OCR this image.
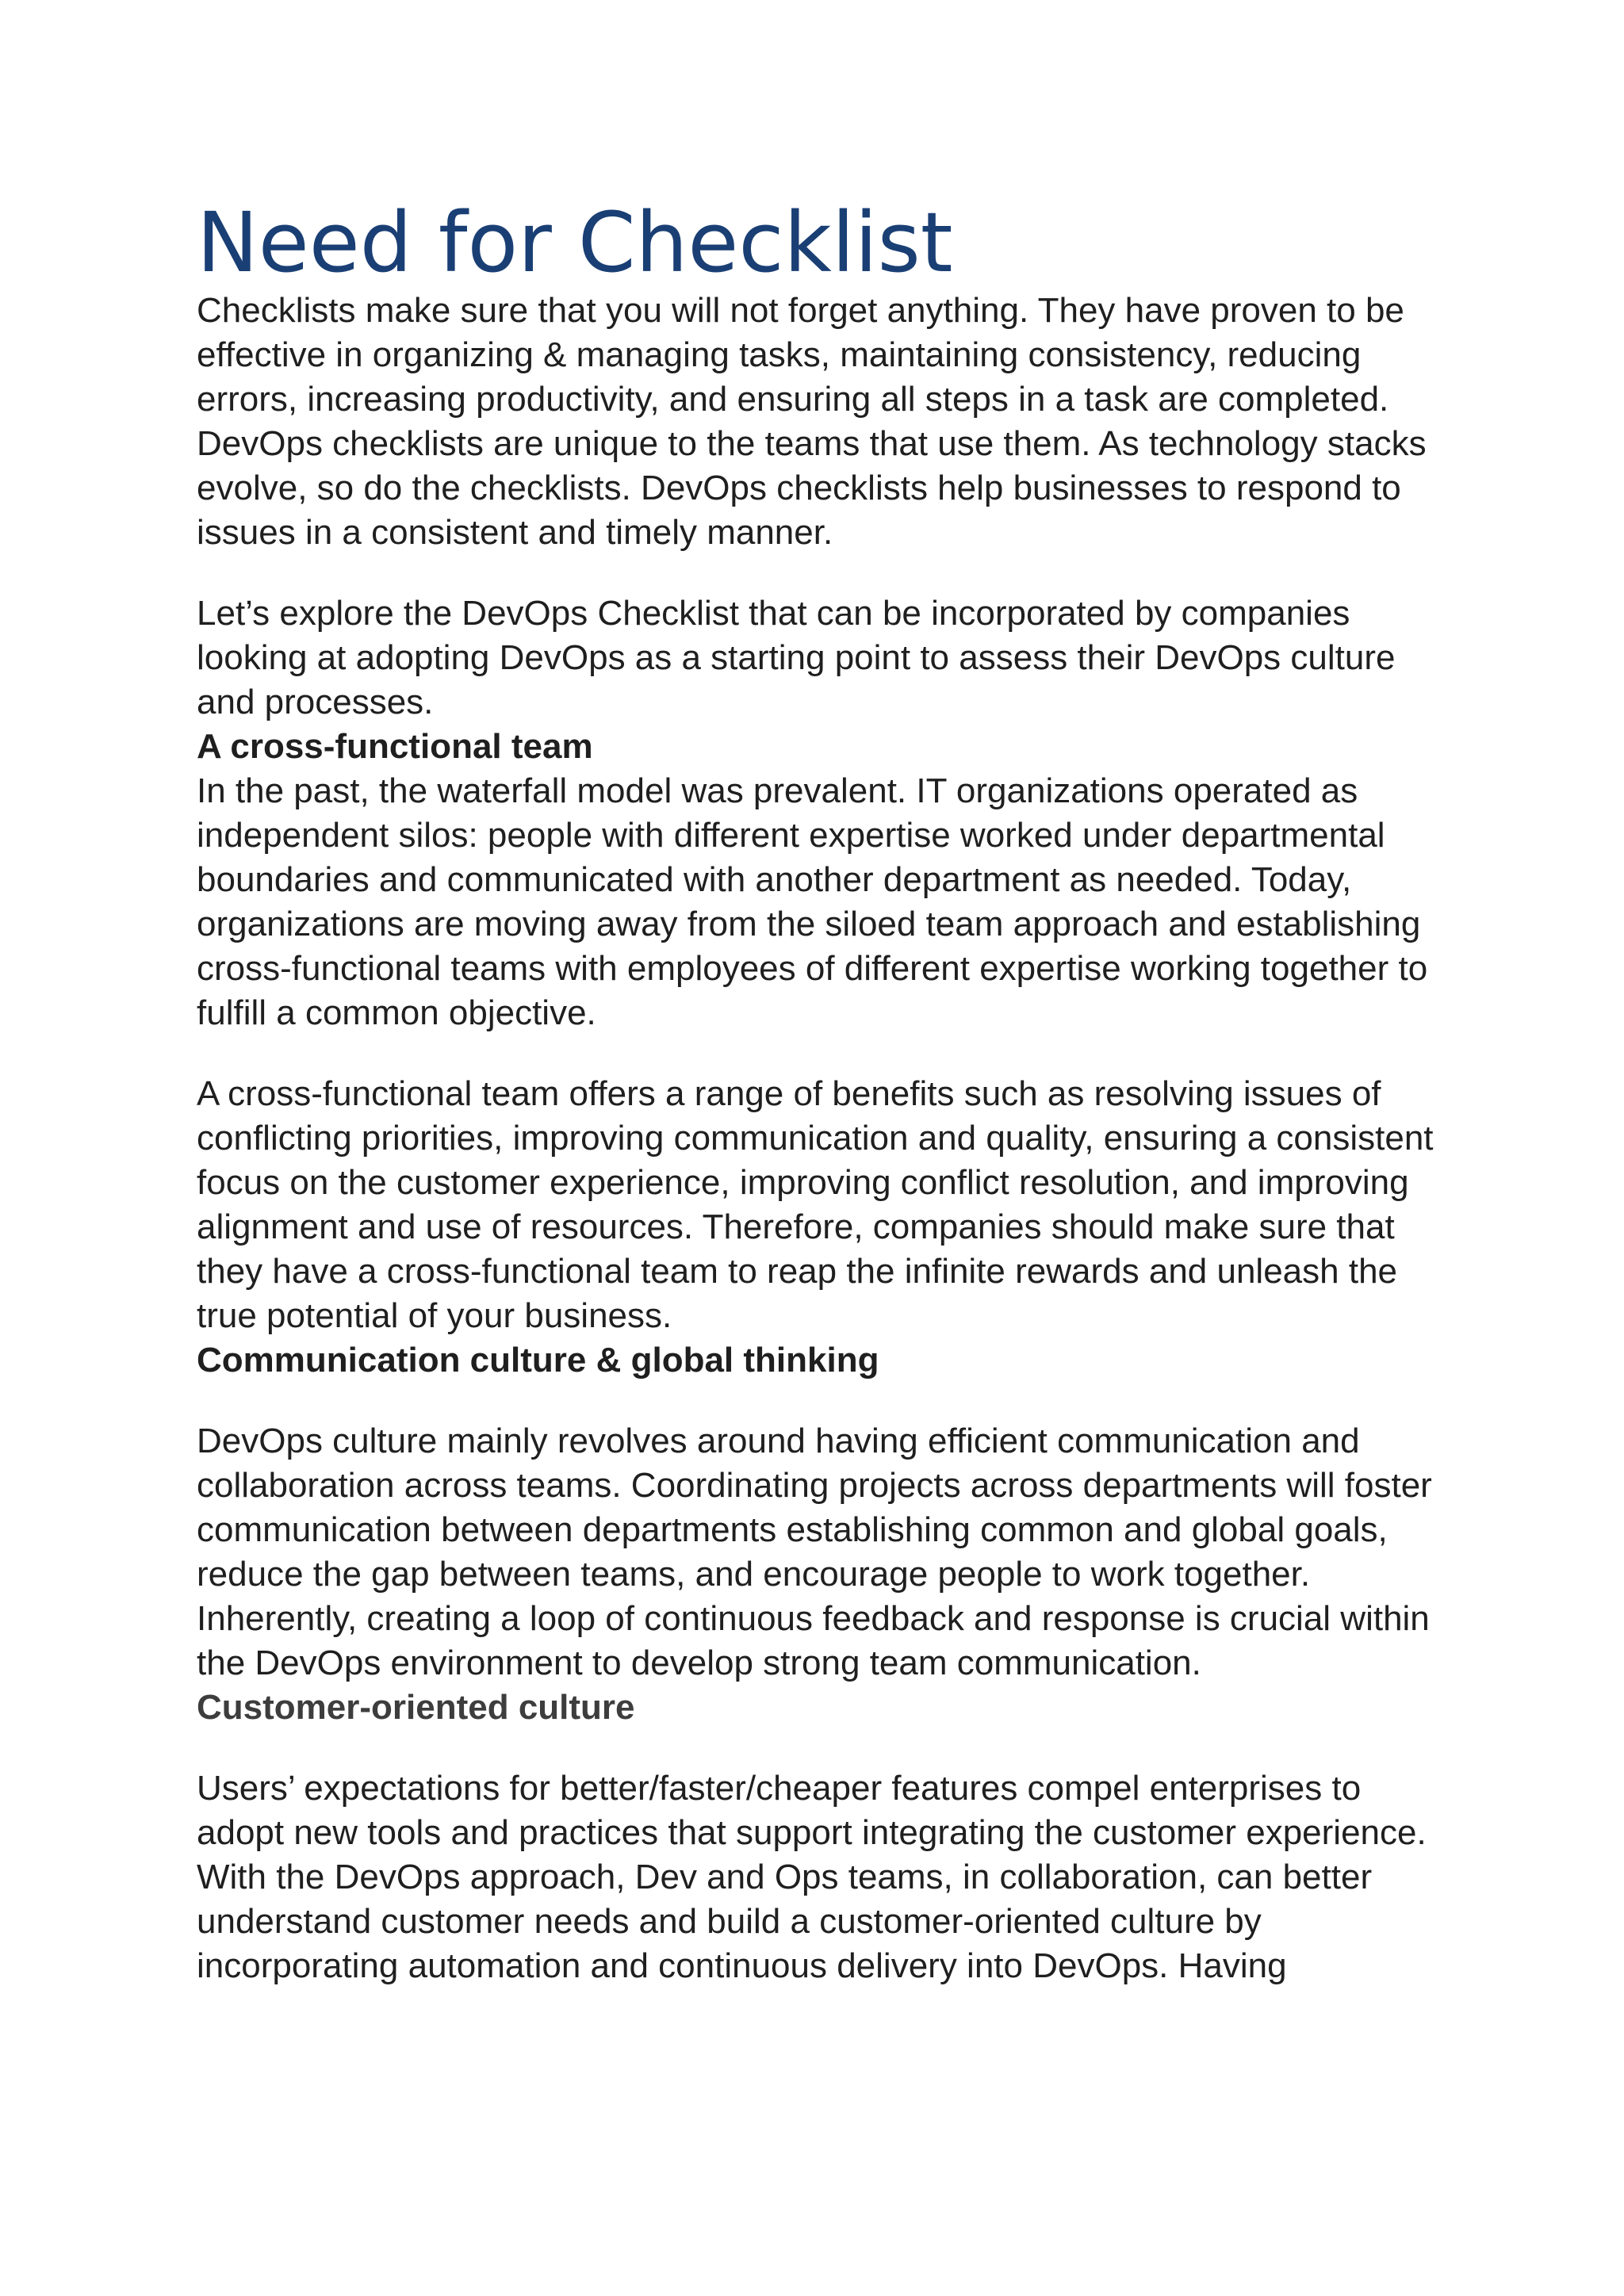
Need for Checklist

Checklists make sure that you will not forget anything. They have proven to be effective in organizing & managing tasks, maintaining consistency, reducing errors, increasing productivity, and ensuring all steps in a task are completed. DevOps checklists are unique to the teams that use them. As technology stacks evolve, so do the checklists. DevOps checklists help businesses to respond to issues in a consistent and timely manner.

Let’s explore the DevOps Checklist that can be incorporated by companies looking at adopting DevOps as a starting point to assess their DevOps culture and processes.

A cross-functional team

In the past, the waterfall model was prevalent. IT organizations operated as independent silos: people with different expertise worked under departmental boundaries and communicated with another department as needed. Today, organizations are moving away from the siloed team approach and establishing cross-functional teams with employees of different expertise working together to fulfill a common objective.

A cross-functional team offers a range of benefits such as resolving issues of conflicting priorities, improving communication and quality, ensuring a consistent focus on the customer experience, improving conflict resolution, and improving alignment and use of resources. Therefore, companies should make sure that they have a cross-functional team to reap the infinite rewards and unleash the true potential of your business.

Communication culture & global thinking

DevOps culture mainly revolves around having efficient communication and collaboration across teams. Coordinating projects across departments will foster communication between departments establishing common and global goals, reduce the gap between teams, and encourage people to work together.

Inherently, creating a loop of continuous feedback and response is crucial within the DevOps environment to develop strong team communication.

Customer-oriented culture

Users’ expectations for better/faster/cheaper features compel enterprises to adopt new tools and practices that support integrating the customer experience.

With the DevOps approach, Dev and Ops teams, in collaboration, can better understand customer needs and build a customer-oriented culture by incorporating automation and continuous delivery into DevOps. Having
